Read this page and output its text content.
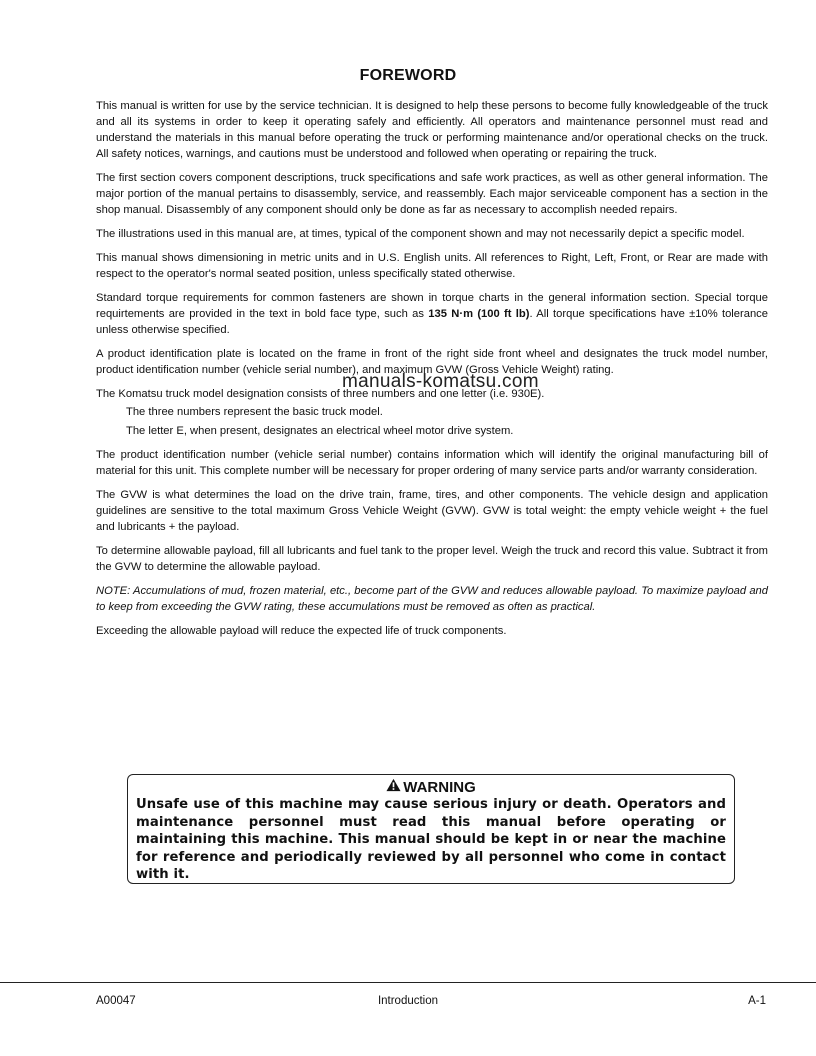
FOREWORD

This manual is written for use by the service technician. It is designed to help these persons to become fully knowledgeable of the truck and all its systems in order to keep it operating safely and efficiently. All operators and maintenance personnel must read and understand the materials in this manual before operating the truck or performing maintenance and/or operational checks on the truck. All safety notices, warnings, and cautions must be understood and followed when operating or repairing the truck.

The first section covers component descriptions, truck specifications and safe work practices, as well as other general information. The major portion of the manual pertains to disassembly, service, and reassembly. Each major serviceable component has a section in the shop manual. Disassembly of any component should only be done as far as necessary to accomplish needed repairs.

The illustrations used in this manual are, at times, typical of the component shown and may not necessarily depict a specific model.

This manual shows dimensioning in metric units and in U.S. English units. All references to Right, Left, Front, or Rear are made with respect to the operator's normal seated position, unless specifically stated otherwise.

Standard torque requirements for common fasteners are shown in torque charts in the general information section. Special torque requirtements are provided in the text in bold face type, such as 135 N·m (100 ft lb). All torque specifications have ±10% tolerance unless otherwise specified.

A product identification plate is located on the frame in front of the right side front wheel and designates the truck model number, product identification number (vehicle serial number), and maximum GVW (Gross Vehicle Weight) rating.

The Komatsu truck model designation consists of three numbers and one letter (i.e. 930E).

The three numbers represent the basic truck model.

The letter E, when present, designates an electrical wheel motor drive system.

The product identification number (vehicle serial number) contains information which will identify the original manufacturing bill of material for this unit. This complete number will be necessary for proper ordering of many service parts and/or warranty consideration.

The GVW is what determines the load on the drive train, frame, tires, and other components. The vehicle design and application guidelines are sensitive to the total maximum Gross Vehicle Weight (GVW). GVW is total weight: the empty vehicle weight + the fuel and lubricants + the payload.

To determine allowable payload, fill all lubricants and fuel tank to the proper level. Weigh the truck and record this value. Subtract it from the GVW to determine the allowable payload.

NOTE: Accumulations of mud, frozen material, etc., become part of the GVW and reduces allowable payload. To maximize payload and to keep from exceeding the GVW rating, these accumulations must be removed as often as practical.

Exceeding the allowable payload will reduce the expected life of truck components.

manuals-komatsu.com
WARNING
Unsafe use of this machine may cause serious injury or death. Operators and maintenance personnel must read this manual before operating or maintaining this machine. This manual should be kept in or near the machine for reference and periodically reviewed by all personnel who come in contact with it.
A00047	Introduction	A-1
